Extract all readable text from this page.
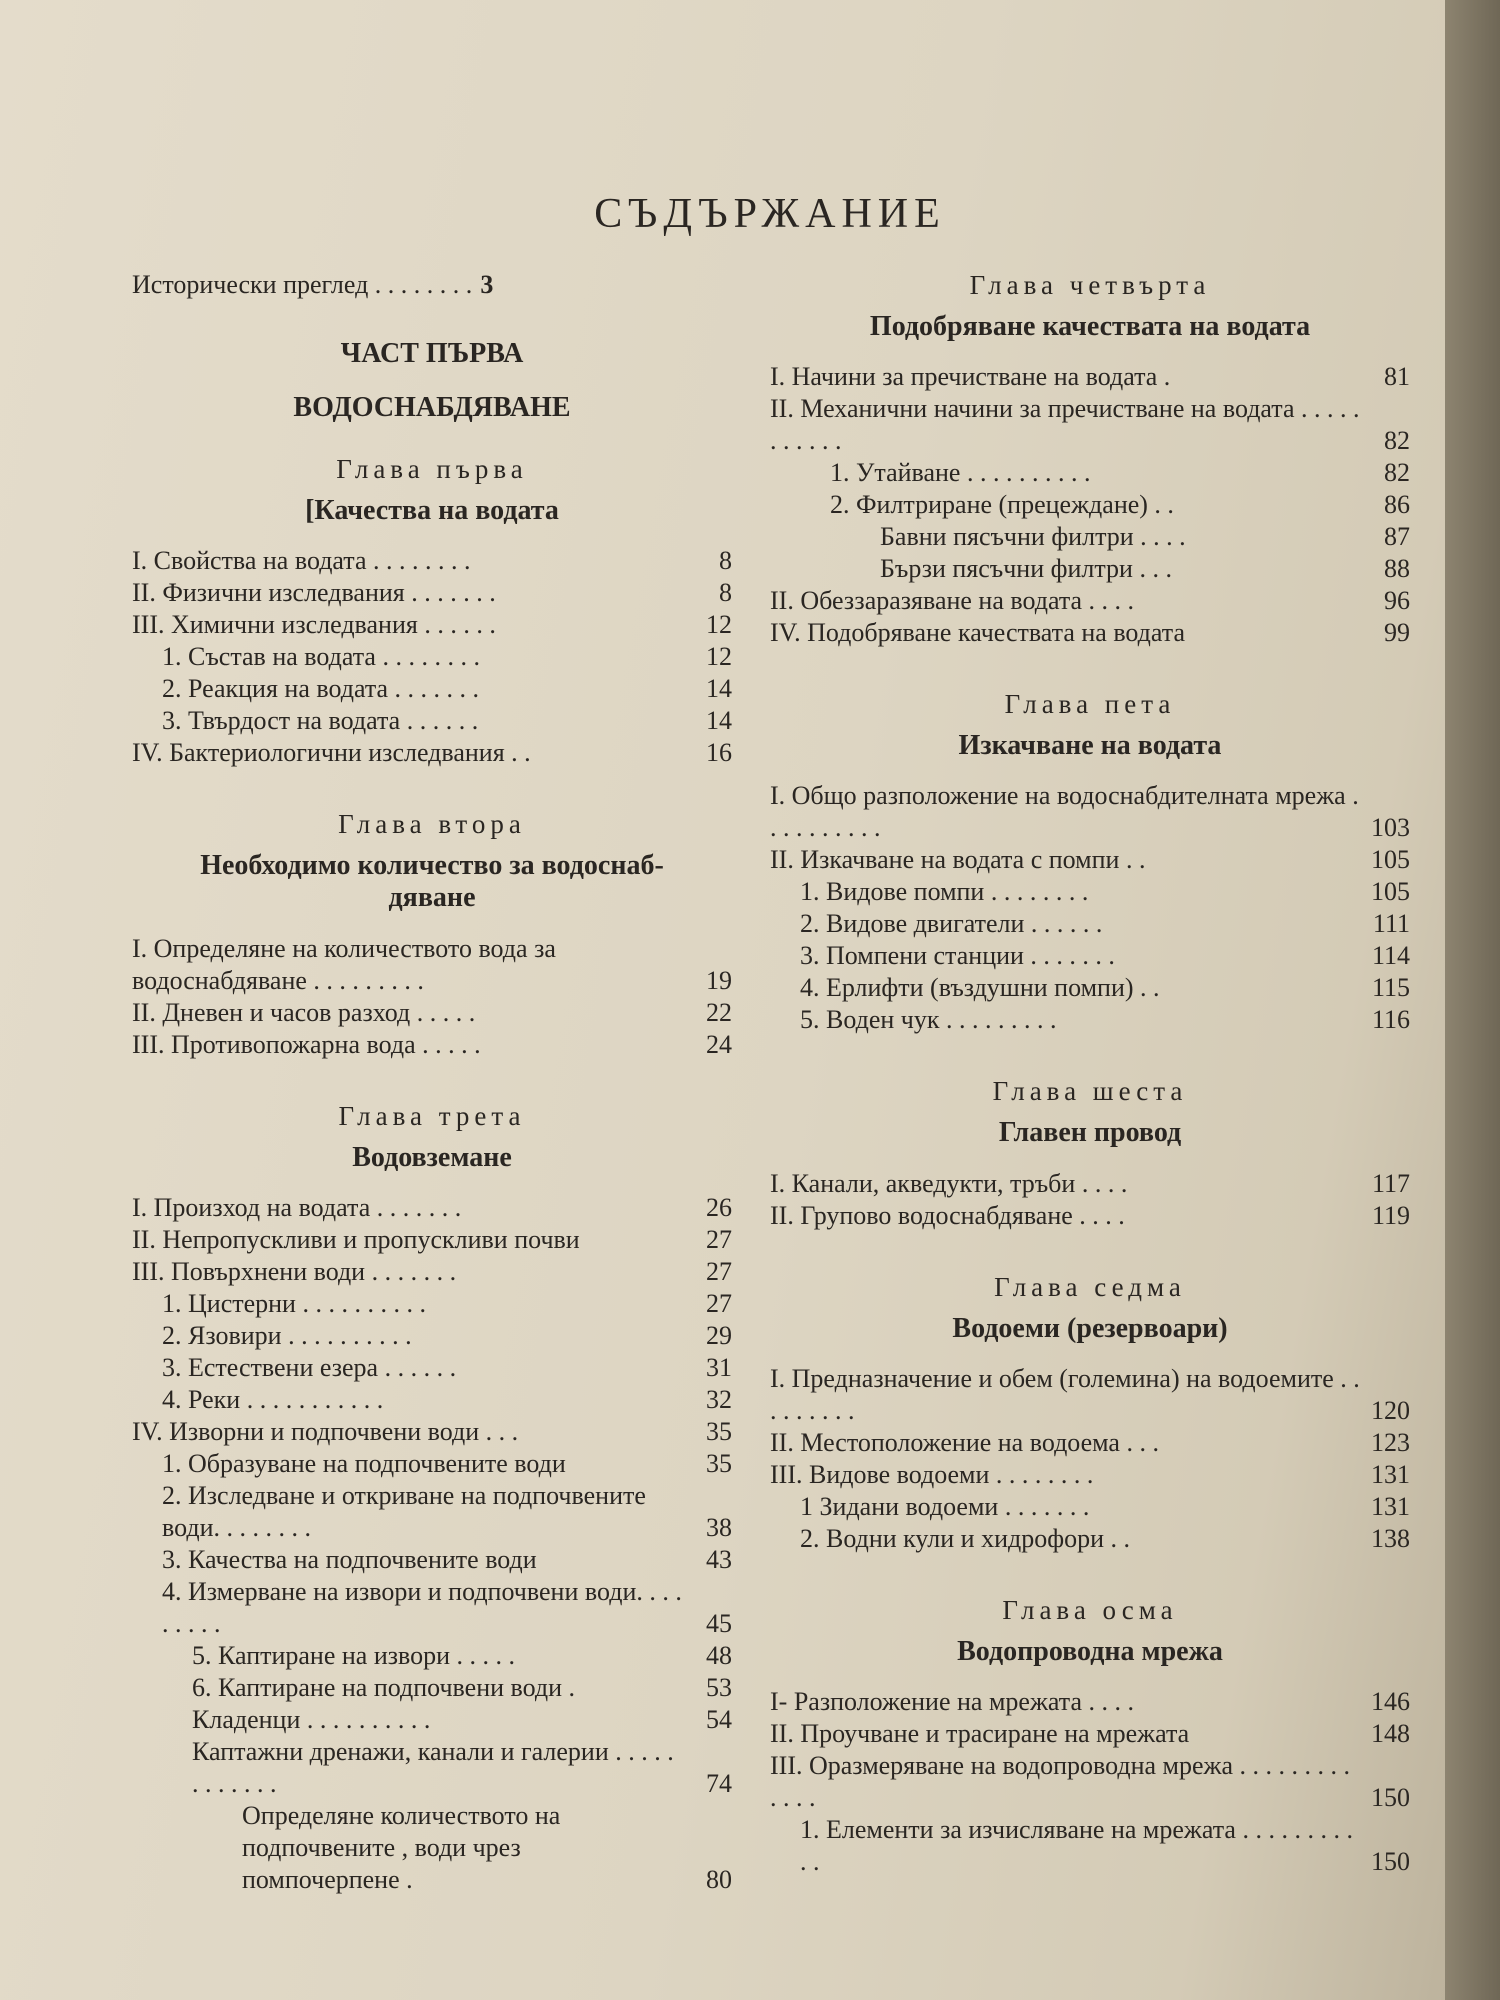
СЪДЪРЖАНИЕ
Исторически преглед . . . . . . . . 3
ЧАСТ ПЪРВА
ВОДОСНАБДЯВАНЕ
Глава първа
[Качества на водата
I. Свойства на водата . . . . . . . .	8
II. Физични изследвания . . . . . . .	8
III. Химични изследвания . . . . . .	12
1. Състав на водата . . . . . . . .	12
2. Реакция на водата . . . . . . .	14
3. Твърдост на водата . . . . . .	14
IV. Бактериологични изследвания . .	16
Глава втора
Необходимо количество за водоснаб-
дяване
I. Определяне на количеството вода за водоснабдяване . . . . . . . . .	19
II. Дневен и часов разход . . . . .	22
III. Противопожарна вода . . . . .	24
Глава трета
Водовземане
I. Произход на водата . . . . . . .	26
II. Непропускливи и пропускливи почви	27
III. Повърхнени води . . . . . . .	27
1. Цистерни . . . . . . . . . .	27
2. Язовири . . . . . . . . . .	29
3. Естествени езера . . . . . .	31
4. Реки . . . . . . . . . . .	32
IV. Изворни и подпочвени води . . .	35
1. Образуване на подпочвените води	35
2. Изследване и откриване на подпочвените води. . . . . . . .	38
3. Качества на подпочвените води	43
4. Измерване на извори и подпочвени води. . . . . . . . .	45
5. Каптиране на извори . . . . .	48
6. Каптиране на подпочвени води .	53
Кладенци . . . . . . . . . .	54
Каптажни дренажи, канали и галерии . . . . . . . . . . . .	74
Определяне количеството на подпочвените , води чрез помпочерпене .	80
Глава четвърта
Подобряване качествата на водата
I. Начини за пречистване на водата .	81
II. Механични начини за пречистване на водата . . . . . . . . . . .	82
1. Утайване . . . . . . . . . .	82
2. Филтриране (прецеждане) . .	86
Бавни пясъчни филтри . . . .	87
Бързи пясъчни филтри . . .	88
II. Обеззаразяване на водата . . . .	96
IV. Подобряване качествата на водата	99
Глава пета
Изкачване на водата
I. Общо разположение на водоснабдителната мрежа . . . . . . . . . .	103
II. Изкачване на водата с помпи . .	105
1. Видове помпи . . . . . . . .	105
2. Видове двигатели . . . . . .	111
3. Помпени станции . . . . . . .	114
4. Ерлифти (въздушни помпи) . .	115
5. Воден чук . . . . . . . . .	116
Глава шеста
Главен провод
I. Канали, акведукти, тръби . . . .	117
II. Групово водоснабдяване . . . .	119
Глава седма
Водоеми (резервоари)
I. Предназначение и обем (големина) на водоемите . . . . . . . . .	120
II. Местоположение на водоема . . .	123
III. Видове водоеми . . . . . . . .	131
1 Зидани водоеми . . . . . . .	131
2. Водни кули и хидрофори . .	138
Глава осма
Водопроводна мрежа
I- Разположение на мрежата . . . .	146
II. Проучване и трасиране на мрежата	148
III. Оразмеряване на водопроводна мрежа . . . . . . . . . . . . .	150
1. Елементи за изчисляване на мрежата . . . . . . . . . . .	150
